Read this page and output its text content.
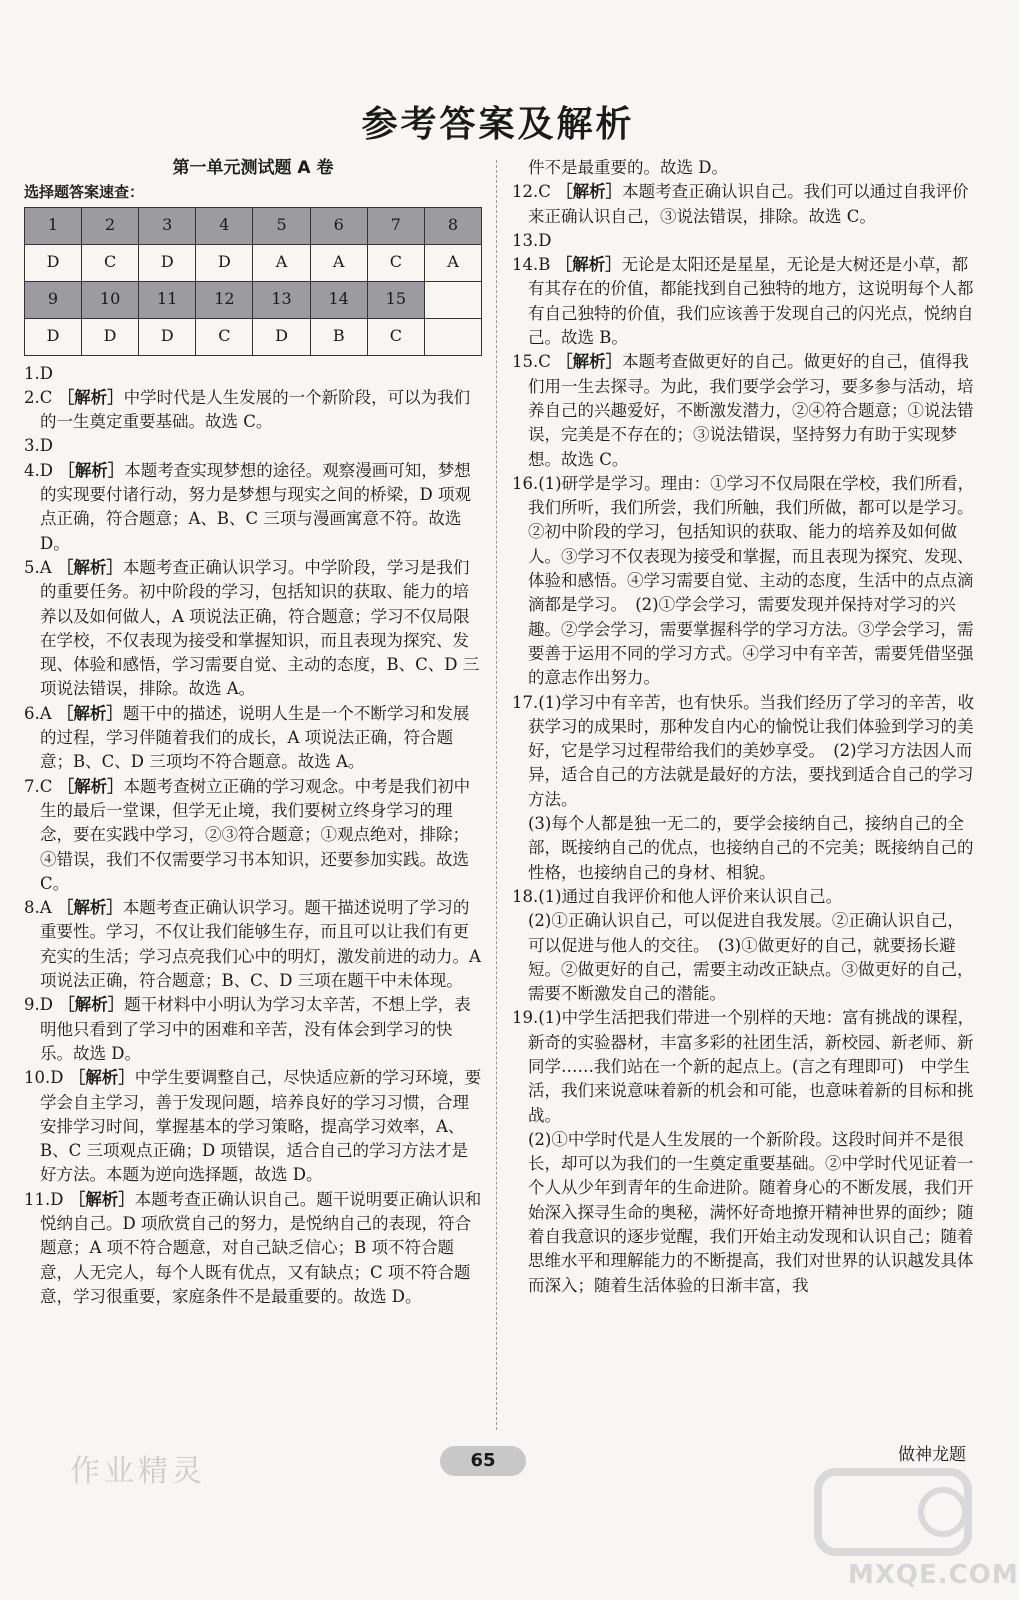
参考答案及解析
第一单元测试题 A 卷
选择题答案速查：
1	2	3	4	5	6	7	8
D	C	D	D	A	A	C	A
9	10	11	12	13	14	15	
D	D	D	C	D	B	C	

1.D

2.C ［解析］中学时代是人生发展的一个新阶段，可以为我们的一生奠定重要基础。故选 C。

3.D

4.D ［解析］本题考查实现梦想的途径。观察漫画可知，梦想的实现要付诸行动，努力是梦想与现实之间的桥梁，D 项观点正确，符合题意；A、B、C 三项与漫画寓意不符。故选 D。

5.A ［解析］本题考查正确认识学习。中学阶段，学习是我们的重要任务。初中阶段的学习，包括知识的获取、能力的培养以及如何做人，A 项说法正确，符合题意；学习不仅局限在学校，不仅表现为接受和掌握知识，而且表现为探究、发现、体验和感悟，学习需要自觉、主动的态度，B、C、D 三项说法错误，排除。故选 A。

6.A ［解析］题干中的描述，说明人生是一个不断学习和发展的过程，学习伴随着我们的成长，A 项说法正确，符合题意；B、C、D 三项均不符合题意。故选 A。

7.C ［解析］本题考查树立正确的学习观念。中考是我们初中生的最后一堂课，但学无止境，我们要树立终身学习的理念，要在实践中学习，②③符合题意；①观点绝对，排除；④错误，我们不仅需要学习书本知识，还要参加实践。故选 C。

8.A ［解析］本题考查正确认识学习。题干描述说明了学习的重要性。学习，不仅让我们能够生存，而且可以让我们有更充实的生活；学习点亮我们心中的明灯，激发前进的动力。A 项说法正确，符合题意；B、C、D 三项在题干中未体现。

9.D ［解析］题干材料中小明认为学习太辛苦，不想上学，表明他只看到了学习中的困难和辛苦，没有体会到学习的快乐。故选 D。

10.D ［解析］中学生要调整自己，尽快适应新的学习环境，要学会自主学习，善于发现问题，培养良好的学习习惯，合理安排学习时间，掌握基本的学习策略，提高学习效率，A、B、C 三项观点正确；D 项错误，适合自己的学习方法才是好方法。本题为逆向选择题，故选 D。

11.D ［解析］本题考查正确认识自己。题干说明要正确认识和悦纳自己。D 项欣赏自己的努力，是悦纳自己的表现，符合题意；A 项不符合题意，对自己缺乏信心；B 项不符合题意，人无完人，每个人既有优点，又有缺点；C 项不符合题意，学习很重要，家庭条件不是最重要的。故选 D。

件不是最重要的。故选 D。

12.C ［解析］本题考查正确认识自己。我们可以通过自我评价来正确认识自己，③说法错误，排除。故选 C。

13.D

14.B ［解析］无论是太阳还是星星，无论是大树还是小草，都有其存在的价值，都能找到自己独特的地方，这说明每个人都有自己独特的价值，我们应该善于发现自己的闪光点，悦纳自己。故选 B。

15.C ［解析］本题考查做更好的自己。做更好的自己，值得我们用一生去探寻。为此，我们要学会学习，要多参与活动，培养自己的兴趣爱好，不断激发潜力，②④符合题意；①说法错误，完美是不存在的；③说法错误，坚持努力有助于实现梦想。故选 C。

16.(1)研学是学习。理由：①学习不仅局限在学校，我们所看，我们所听，我们所尝，我们所触，我们所做，都可以是学习。②初中阶段的学习，包括知识的获取、能力的培养及如何做人。③学习不仅表现为接受和掌握，而且表现为探究、发现、体验和感悟。④学习需要自觉、主动的态度，生活中的点点滴滴都是学习。　(2)①学会学习，需要发现并保持对学习的兴趣。②学会学习，需要掌握科学的学习方法。③学会学习，需要善于运用不同的学习方式。④学习中有辛苦，需要凭借坚强的意志作出努力。

17.(1)学习中有辛苦，也有快乐。当我们经历了学习的辛苦，收获学习的成果时，那种发自内心的愉悦让我们体验到学习的美好，它是学习过程带给我们的美妙享受。　(2)学习方法因人而异，适合自己的方法就是最好的方法，要找到适合自己的学习方法。

(3)每个人都是独一无二的，要学会接纳自己，接纳自己的全部，既接纳自己的优点，也接纳自己的不完美；既接纳自己的性格，也接纳自己的身材、相貌。

18.(1)通过自我评价和他人评价来认识自己。

(2)①正确认识自己，可以促进自我发展。②正确认识自己，可以促进与他人的交往。　(3)①做更好的自己，就要扬长避短。②做更好的自己，需要主动改正缺点。③做更好的自己，需要不断激发自己的潜能。

19.(1)中学生活把我们带进一个别样的天地：富有挑战的课程，新奇的实验器材，丰富多彩的社团生活，新校园、新老师、新同学……我们站在一个新的起点上。(言之有理即可)　中学生活，我们来说意味着新的机会和可能，也意味着新的目标和挑战。

(2)①中学时代是人生发展的一个新阶段。这段时间并不是很长，却可以为我们的一生奠定重要基础。②中学时代见证着一个人从少年到青年的生命进阶。随着身心的不断发展，我们开始深入探寻生命的奥秘，满怀好奇地撩开精神世界的面纱；随着自我意识的逐步觉醒，我们开始主动发现和认识自己；随着思维水平和理解能力的不断提高，我们对世界的认识越发具体而深入；随着生活体验的日渐丰富，我

作业精灵	65	做神龙题
MXQE.COM
